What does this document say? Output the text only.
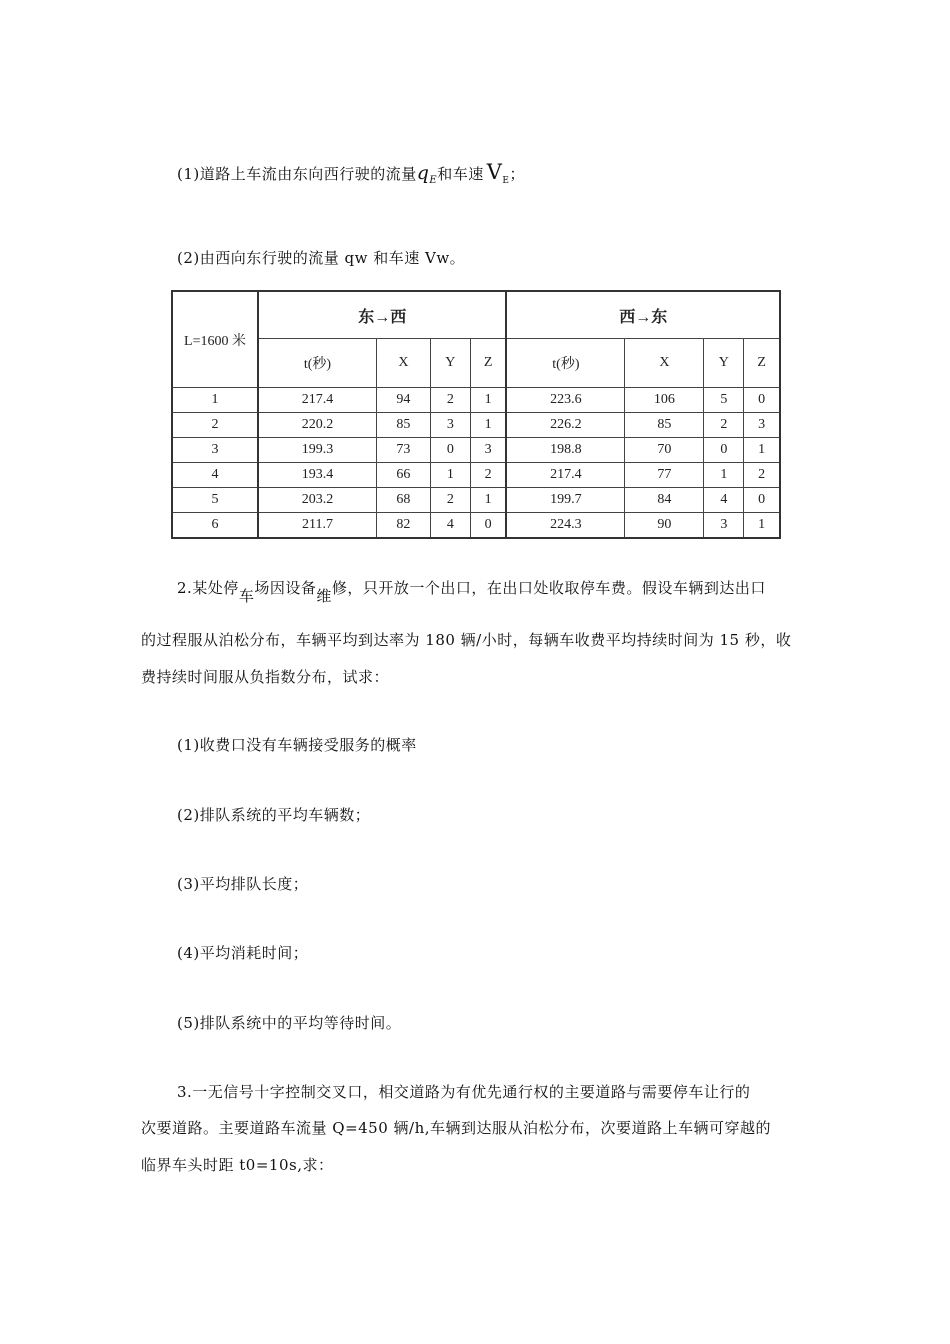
(1)道路上车流由东向西行驶的流量$q_E$和车速 $V_E$；
(2)由西向东行驶的流量 qw 和车速 Vw。
L=1600 米	东→西				西→东			
	t(秒)	X	Y	Z	t(秒)	X	Y	Z
1	217.4	94	2	1	223.6	106	5	0
2	220.2	85	3	1	226.2	85	2	3
3	199.3	73	0	3	198.8	70	0	1
4	193.4	66	1	2	217.4	77	1	2
5	203.2	68	2	1	199.7	84	4	0
6	211.7	82	4	0	224.3	90	3	1
2.某处停车场因设备维修，只开放一个出口，在出口处收取停车费。假设车辆到达出口
的过程服从泊松分布，车辆平均到达率为 180 辆/小时，每辆车收费平均持续时间为 15 秒，收
费持续时间服从负指数分布，试求：
(1)收费口没有车辆接受服务的概率
(2)排队系统的平均车辆数；
(3)平均排队长度；
(4)平均消耗时间；
(5)排队系统中的平均等待时间。
3.一无信号十字控制交叉口，相交道路为有优先通行权的主要道路与需要停车让行的
次要道路。主要道路车流量 Q=450 辆/h,车辆到达服从泊松分布，次要道路上车辆可穿越的
临界车头时距 t0=10s,求：
